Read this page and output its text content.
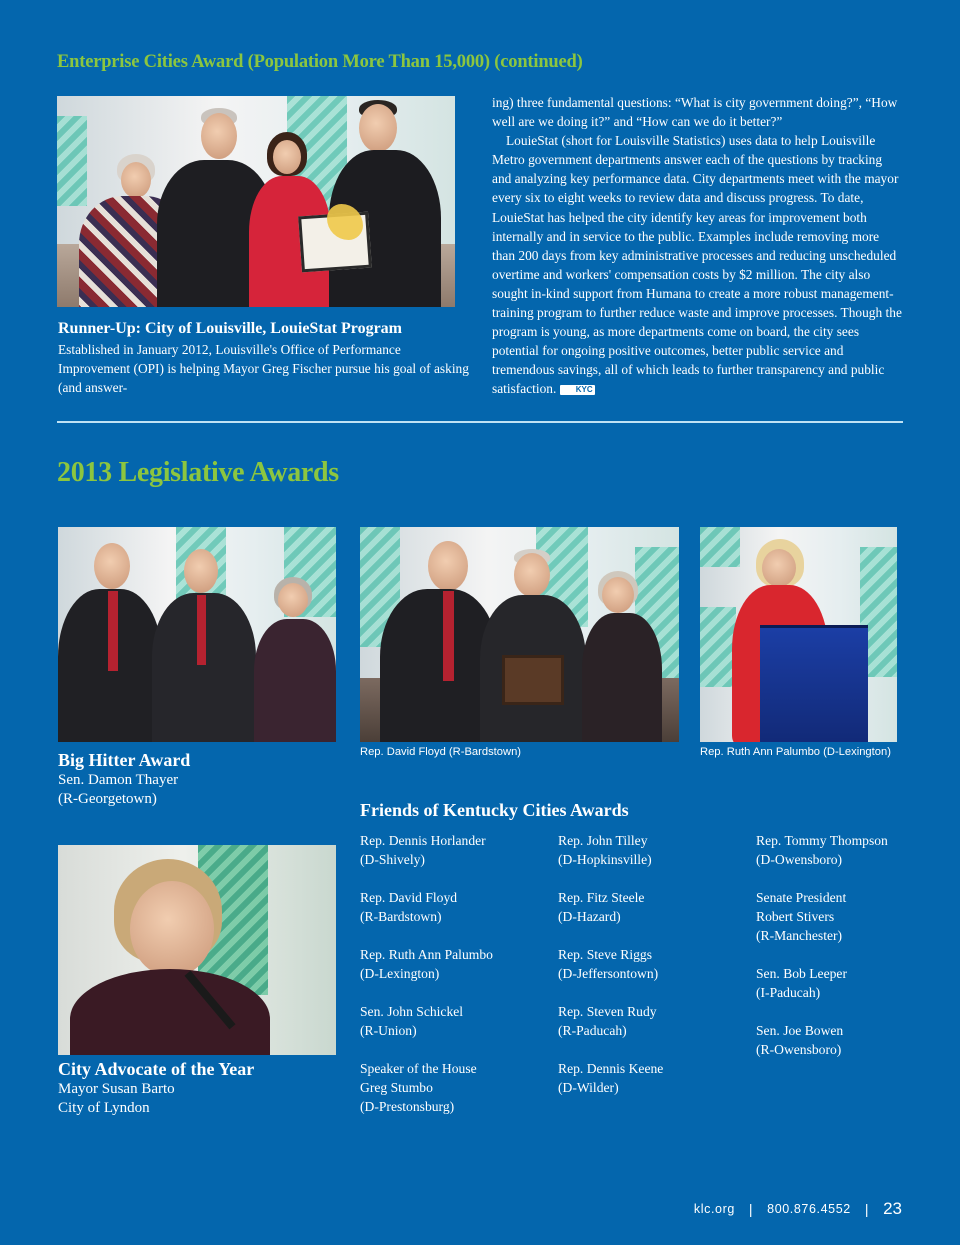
Enterprise Cities Award (Population More Than 15,000) (continued)
Runner-Up: City of Louisville, LouieStat Program
Established in January 2012, Louisville's Office of Performance Improvement (OPI) is helping Mayor Greg Fischer pursue his goal of asking (and answer-

ing) three fundamental questions: “What is city government doing?”, “How well are we doing it?” and “How can we do it better?”

LouieStat (short for Louisville Statistics) uses data to help Louisville Metro government departments answer each of the questions by tracking and analyzing key performance data. City departments meet with the mayor every six to eight weeks to review data and discuss progress. To date, LouieStat has helped the city identify key areas for improvement both internally and in service to the public. Examples include removing more than 200 days from key administrative processes and reducing unscheduled overtime and workers' compensation costs by $2 million. The city also sought in-kind support from Humana to create a more robust management-training program to further reduce waste and improve processes. Though the program is young, as more departments come on board, the city sees potential for ongoing positive outcomes, better public service and tremendous savings, all of which leads to further transparency and public satisfaction. KYC

2013 Legislative Awards
Big Hitter Award
Sen. Damon Thayer
(R-Georgetown)
Rep. David Floyd (R-Bardstown)	Rep. Ruth Ann Palumbo (D-Lexington)
City Advocate of the Year
Mayor Susan Barto
City of Lyndon
Friends of Kentucky Cities Awards
Rep. Dennis Horlander
(D-Shively)
Rep. David Floyd
(R-Bardstown)
Rep. Ruth Ann Palumbo
(D-Lexington)
Sen. John Schickel
(R-Union)
Speaker of the House
Greg Stumbo
(D-Prestonsburg)
Rep. John Tilley
(D-Hopkinsville)
Rep. Fitz Steele
(D-Hazard)
Rep. Steve Riggs
(D-Jeffersontown)
Rep. Steven Rudy
(R-Paducah)
Rep. Dennis Keene
(D-Wilder)
Rep. Tommy Thompson
(D-Owensboro)
Senate President
Robert Stivers
(R-Manchester)
Sen. Bob Leeper
(I-Paducah)
Sen. Joe Bowen
(R-Owensboro)
klc.org | 800.876.4552 | 23
